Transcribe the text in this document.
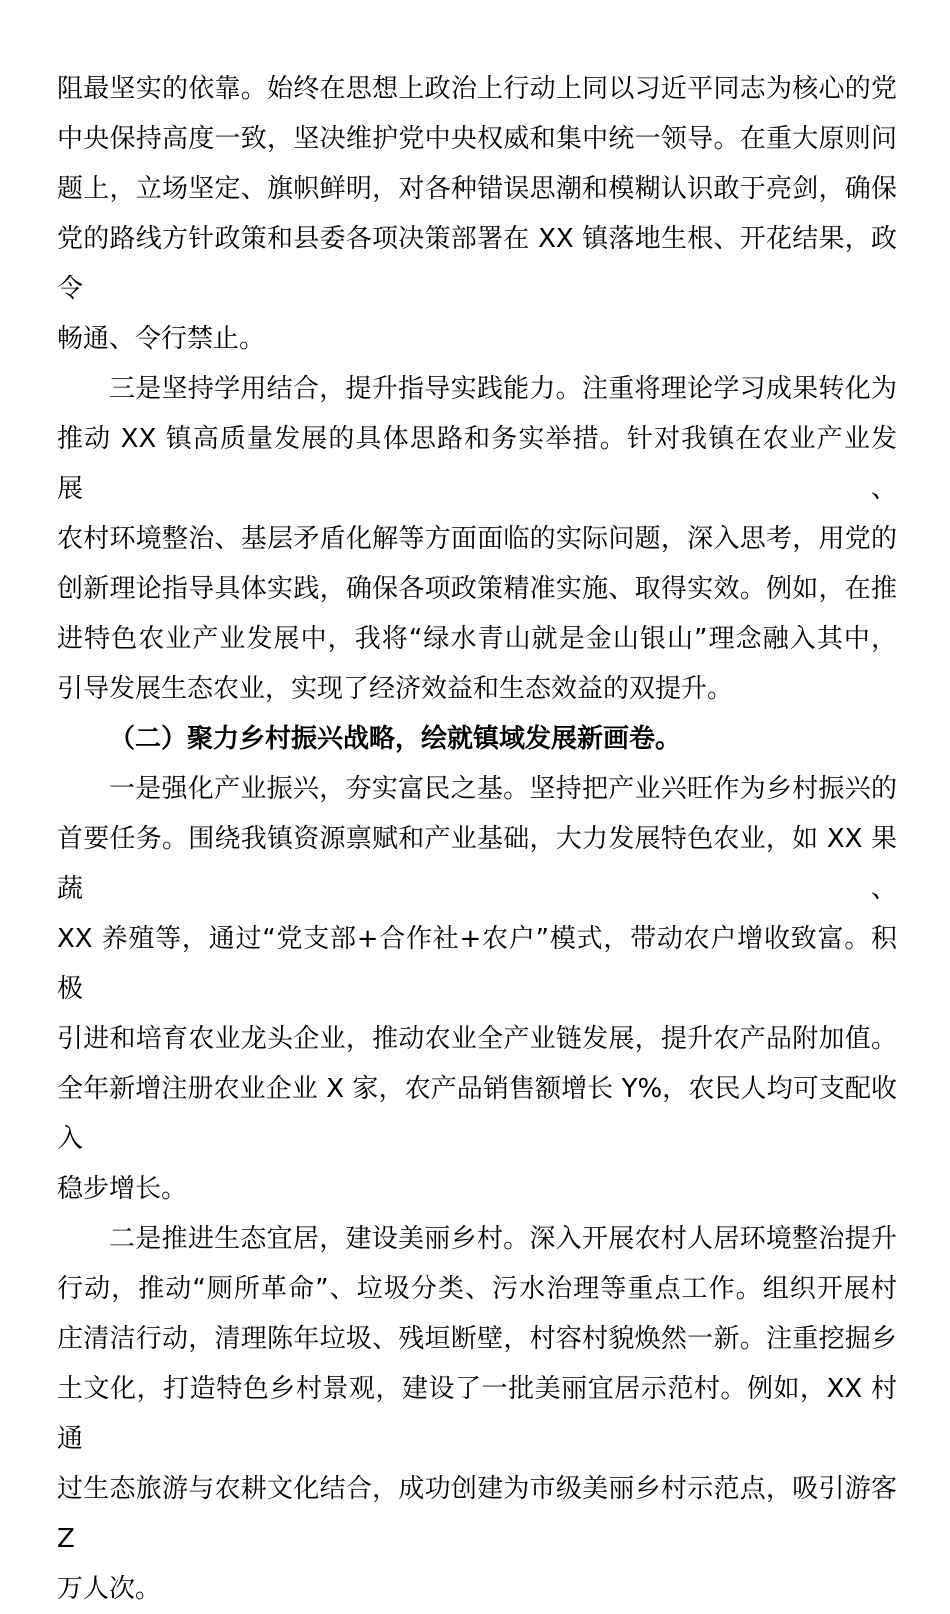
阻最坚实的依靠。始终在思想上政治上行动上同以习近平同志为核心的党
中央保持高度一致，坚决维护党中央权威和集中统一领导。在重大原则问
题上，立场坚定、旗帜鲜明，对各种错误思潮和模糊认识敢于亮剑，确保
党的路线方针政策和县委各项决策部署在 XX 镇落地生根、开花结果，政令
畅通、令行禁止。
三是坚持学用结合，提升指导实践能力。注重将理论学习成果转化为
推动 XX 镇高质量发展的具体思路和务实举措。针对我镇在农业产业发展、
农村环境整治、基层矛盾化解等方面面临的实际问题，深入思考，用党的
创新理论指导具体实践，确保各项政策精准实施、取得实效。例如，在推
进特色农业产业发展中，我将“绿水青山就是金山银山”理念融入其中，
引导发展生态农业，实现了经济效益和生态效益的双提升。
（二）聚力乡村振兴战略，绘就镇域发展新画卷。
一是强化产业振兴，夯实富民之基。坚持把产业兴旺作为乡村振兴的
首要任务。围绕我镇资源禀赋和产业基础，大力发展特色农业，如 XX 果蔬、
XX 养殖等，通过“党支部+合作社+农户”模式，带动农户增收致富。积极
引进和培育农业龙头企业，推动农业全产业链发展，提升农产品附加值。
全年新增注册农业企业 X 家，农产品销售额增长 Y%，农民人均可支配收入
稳步增长。
二是推进生态宜居，建设美丽乡村。深入开展农村人居环境整治提升
行动，推动“厕所革命”、垃圾分类、污水治理等重点工作。组织开展村
庄清洁行动，清理陈年垃圾、残垣断壁，村容村貌焕然一新。注重挖掘乡
土文化，打造特色乡村景观，建设了一批美丽宜居示范村。例如，XX 村通
过生态旅游与农耕文化结合，成功创建为市级美丽乡村示范点，吸引游客 Z
万人次。
